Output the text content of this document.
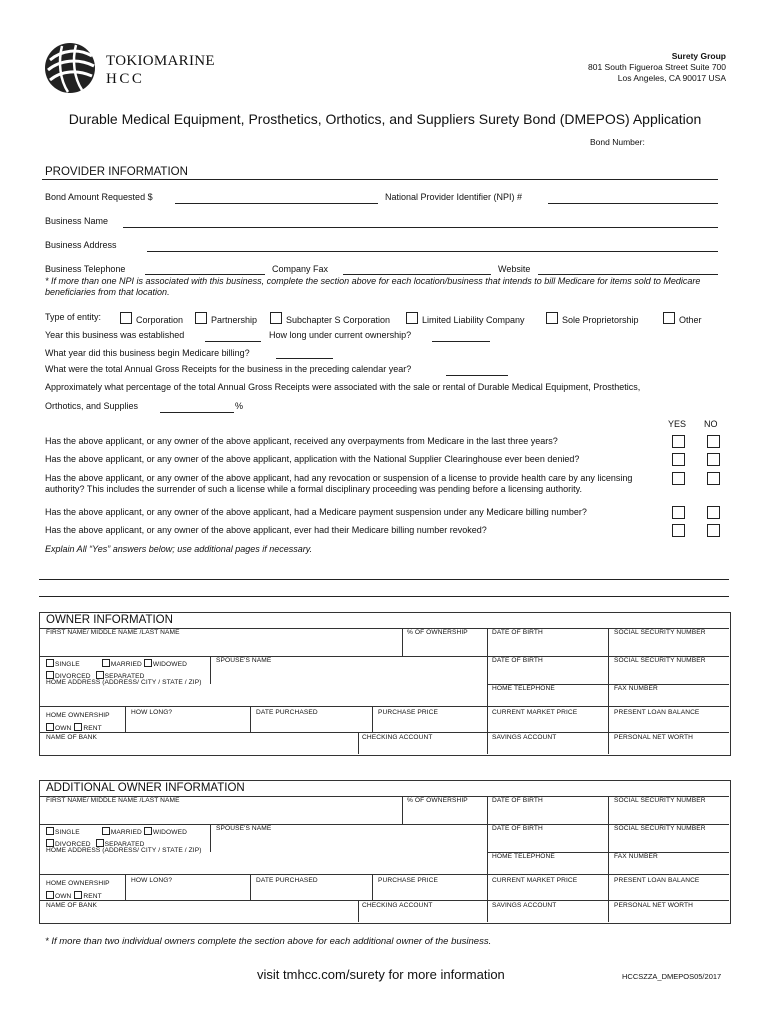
TOKIOMARINE
HCC
Surety Group
801 South Figueroa Street Suite 700
Los Angeles, CA 90017 USA
Durable Medical Equipment, Prosthetics, Orthotics, and Suppliers Surety Bond (DMEPOS) Application
Bond Number:
PROVIDER INFORMATION
Bond Amount Requested $	National Provider Identifier (NPI) #
Business Name
Business Address
Business Telephone	Company Fax	Website
* If more than one NPI is associated with this business, complete the section above for each location/business that intends to bill Medicare for items sold to Medicare beneficiaries from that location.
Type of entity:	Corporation	Partnership	Subchapter S Corporation	Limited Liability Company	Sole Proprietorship	Other
Year this business was established	How long under current ownership?
What year did this business begin Medicare billing?
What were the total Annual Gross Receipts for the business in the preceding calendar year?
Approximately what percentage of the total Annual Gross Receipts were associated with the sale or rental of Durable Medical Equipment, Prosthetics,
Orthotics, and Supplies	%
YES NO
Has the above applicant, or any owner of the above applicant, received any overpayments from Medicare in the last three years?
Has the above applicant, or any owner of the above applicant, application with the National Supplier Clearinghouse ever been denied?
Has the above applicant, or any owner of the above applicant, had any revocation or suspension of a license to provide health care by any licensing authority? This includes the surrender of such a license while a formal disciplinary proceeding was pending before a licensing authority.
Has the above applicant, or any owner of the above applicant, had a Medicare payment suspension under any Medicare billing number?
Has the above applicant, or any owner of the above applicant, ever had their Medicare billing number revoked?
Explain All “Yes” answers below; use additional pages if necessary.
OWNER INFORMATION
FIRST NAME/ MIDDLE NAME /LAST NAME	% OF OWNERSHIP	DATE OF BIRTH	SOCIAL SECURITY NUMBER
SINGLE	MARRIED WIDOWED
DIVORCED SEPARATED
SPOUSE'S NAME	DATE OF BIRTH	SOCIAL SECURITY NUMBER
HOME ADDRESS (ADDRESS/ CITY / STATE / ZIP)
HOME TELEPHONE	FAX NUMBER
HOME OWNERSHIP
OWN RENT
HOW LONG?	DATE PURCHASED	PURCHASE PRICE	CURRENT MARKET PRICE	PRESENT LOAN BALANCE
NAME OF BANK	CHECKING ACCOUNT	SAVINGS ACCOUNT	PERSONAL NET WORTH
ADDITIONAL OWNER INFORMATION
FIRST NAME/ MIDDLE NAME /LAST NAME	% OF OWNERSHIP	DATE OF BIRTH	SOCIAL SECURITY NUMBER
SINGLE	MARRIED WIDOWED
DIVORCED SEPARATED
SPOUSE'S NAME	DATE OF BIRTH	SOCIAL SECURITY NUMBER
HOME ADDRESS (ADDRESS/ CITY / STATE / ZIP)
HOME TELEPHONE	FAX NUMBER
HOME OWNERSHIP
OWN RENT
HOW LONG?	DATE PURCHASED	PURCHASE PRICE	CURRENT MARKET PRICE	PRESENT LOAN BALANCE
NAME OF BANK	CHECKING ACCOUNT	SAVINGS ACCOUNT	PERSONAL NET WORTH
* If more than two individual owners complete the section above for each additional owner of the business.
visit tmhcc.com/surety for more information	HCCSZZA_DMEPOS05/2017
